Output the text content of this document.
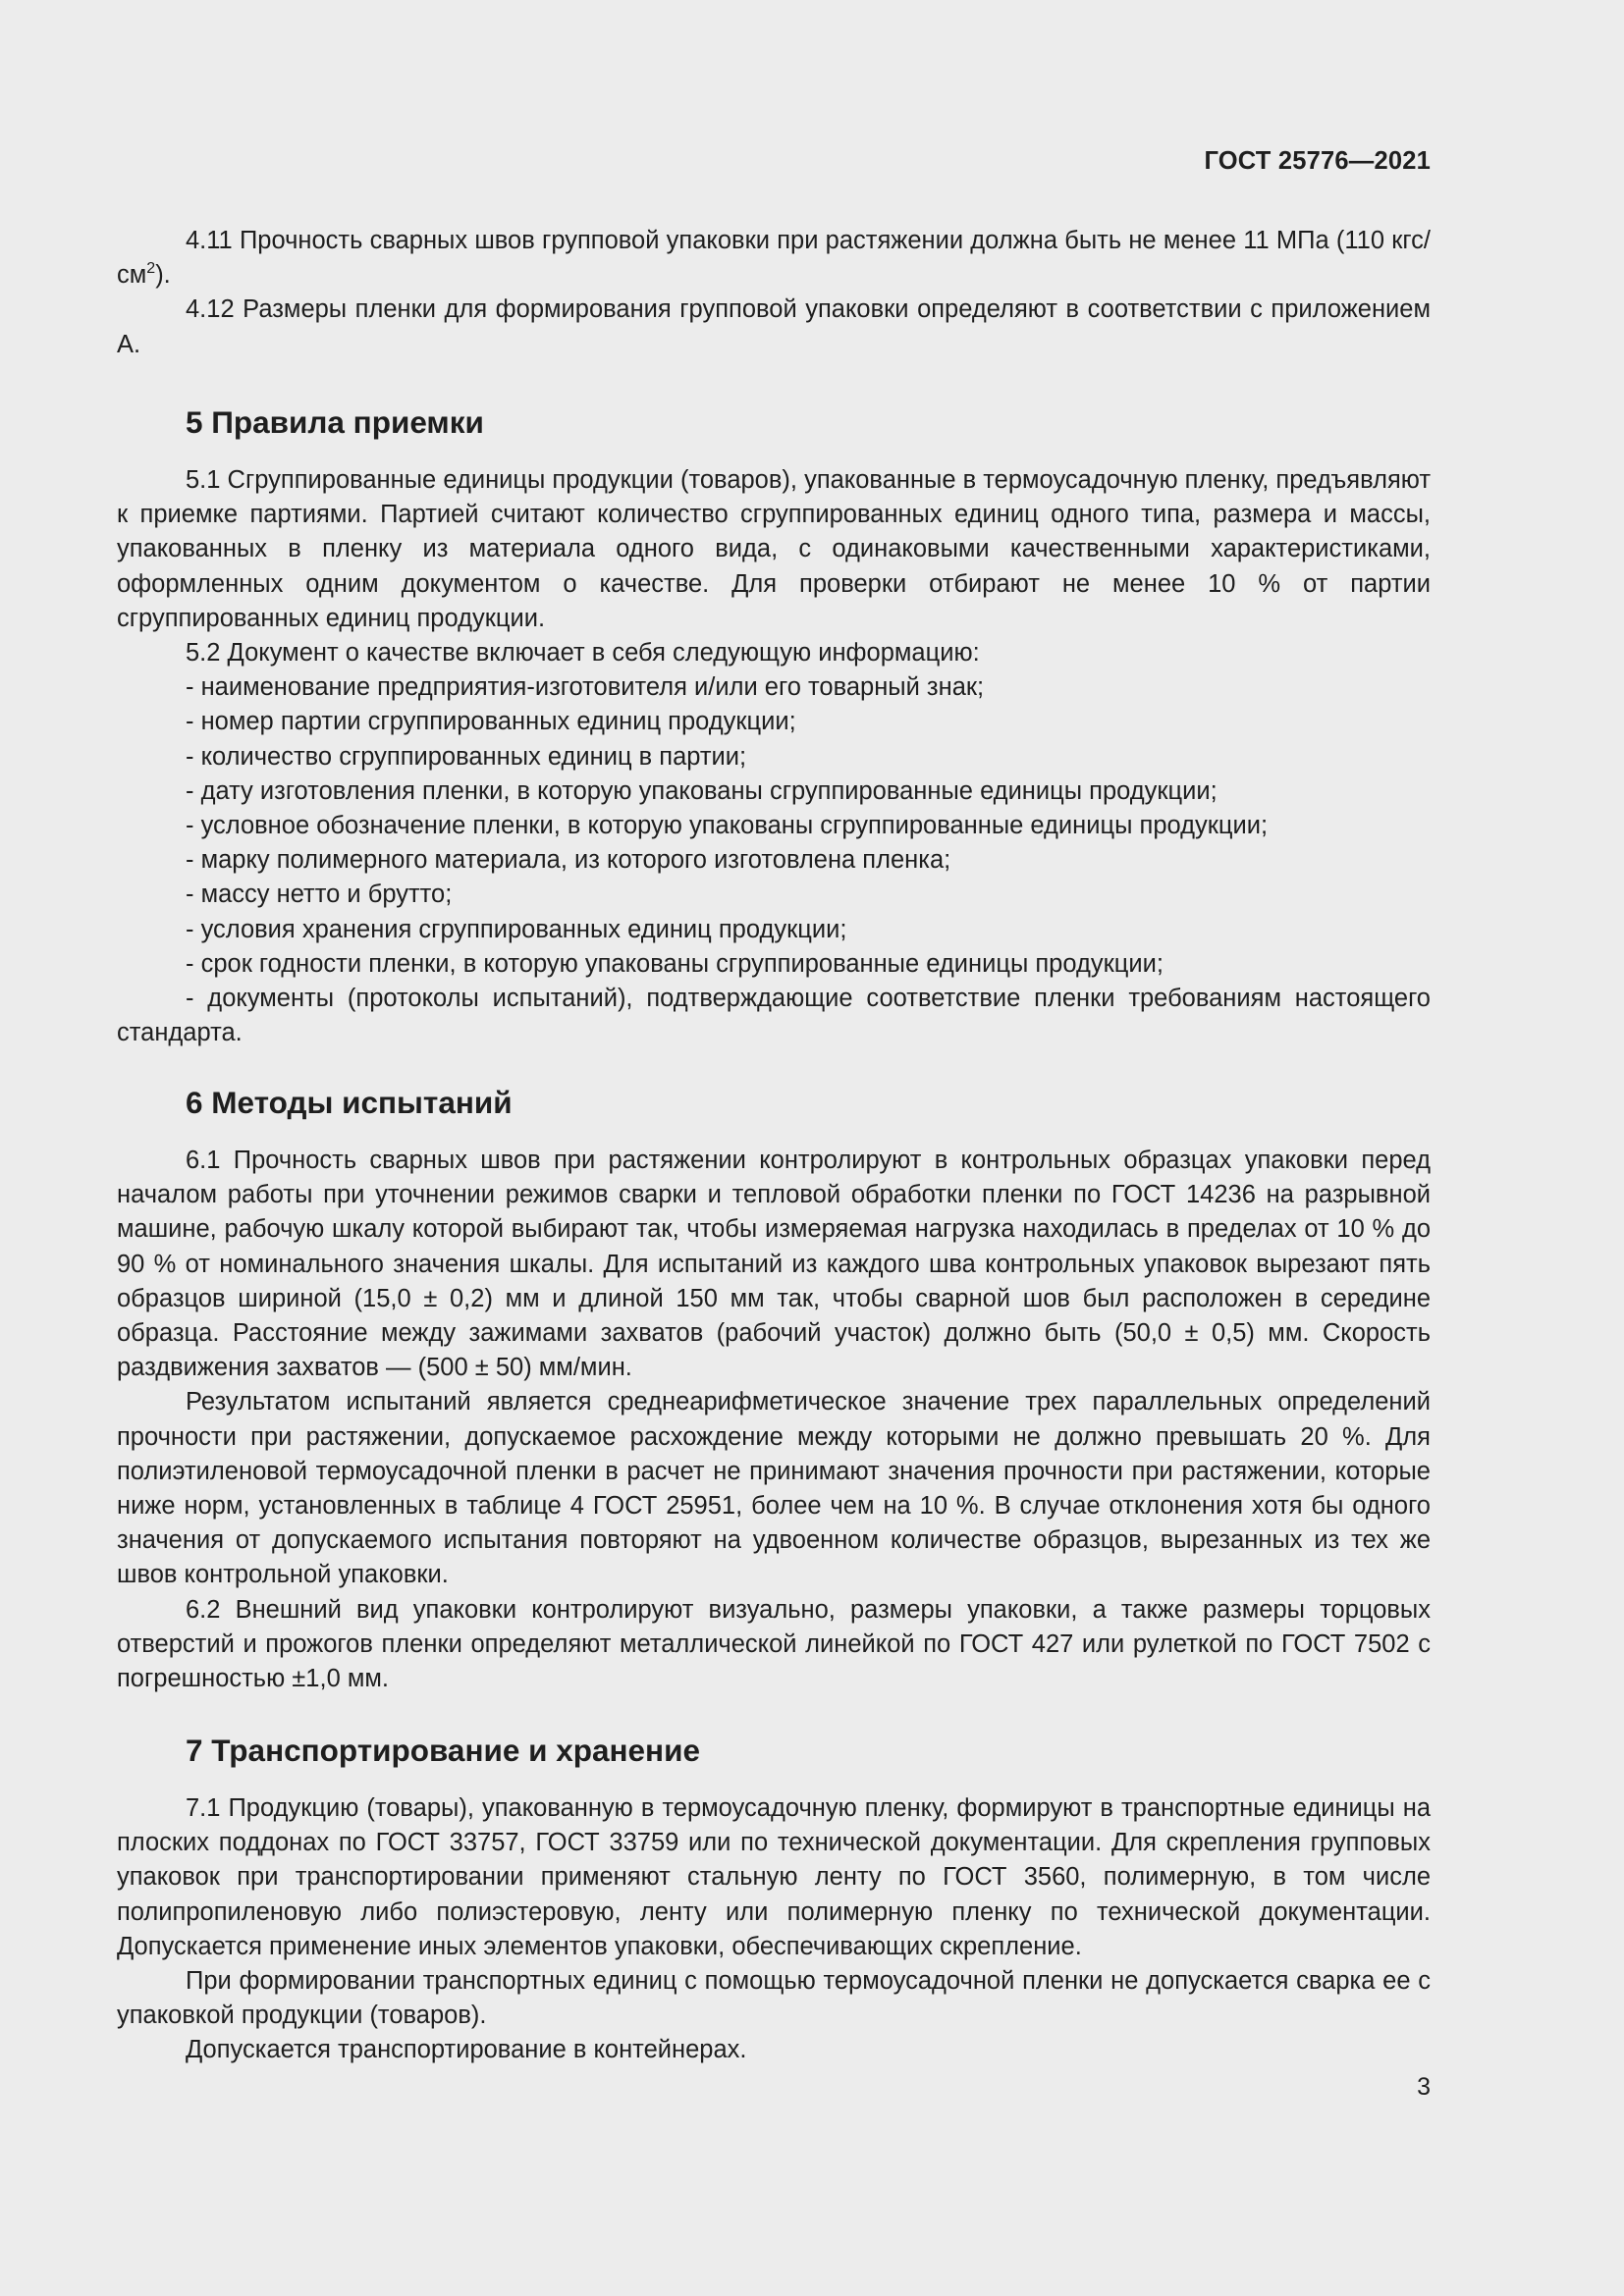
ГОСТ 25776—2021

4.11 Прочность сварных швов групповой упаковки при растяжении должна быть не менее 11 МПа (110 кгс/$см^2$).

4.12 Размеры пленки для формирования групповой упаковки определяют в соответствии с приложением А.

5 Правила приемки

5.1 Сгруппированные единицы продукции (товаров), упакованные в термоусадочную пленку, предъявляют к приемке партиями. Партией считают количество сгруппированных единиц одного типа, размера и массы, упакованных в пленку из материала одного вида, с одинаковыми качественными характеристиками, оформленных одним документом о качестве. Для проверки отбирают не менее 10 % от партии сгруппированных единиц продукции.

5.2 Документ о качестве включает в себя следующую информацию:

- наименование предприятия-изготовителя и/или его товарный знак;

- номер партии сгруппированных единиц продукции;

- количество сгруппированных единиц в партии;

- дату изготовления пленки, в которую упакованы сгруппированные единицы продукции;

- условное обозначение пленки, в которую упакованы сгруппированные единицы продукции;

- марку полимерного материала, из которого изготовлена пленка;

- массу нетто и брутто;

- условия хранения сгруппированных единиц продукции;

- срок годности пленки, в которую упакованы сгруппированные единицы продукции;

- документы (протоколы испытаний), подтверждающие соответствие пленки требованиям настоящего стандарта.

6 Методы испытаний

6.1 Прочность сварных швов при растяжении контролируют в контрольных образцах упаковки перед началом работы при уточнении режимов сварки и тепловой обработки пленки по ГОСТ 14236 на разрывной машине, рабочую шкалу которой выбирают так, чтобы измеряемая нагрузка находилась в пределах от 10 % до 90 % от номинального значения шкалы. Для испытаний из каждого шва контрольных упаковок вырезают пять образцов шириной (15,0 ± 0,2) мм и длиной 150 мм так, чтобы сварной шов был расположен в середине образца. Расстояние между зажимами захватов (рабочий участок) должно быть (50,0 ± 0,5) мм. Скорость раздвижения захватов — (500 ± 50) мм/мин.

Результатом испытаний является среднеарифметическое значение трех параллельных определений прочности при растяжении, допускаемое расхождение между которыми не должно превышать 20 %. Для полиэтиленовой термоусадочной пленки в расчет не принимают значения прочности при растяжении, которые ниже норм, установленных в таблице 4 ГОСТ 25951, более чем на 10 %. В случае отклонения хотя бы одного значения от допускаемого испытания повторяют на удвоенном количестве образцов, вырезанных из тех же швов контрольной упаковки.

6.2 Внешний вид упаковки контролируют визуально, размеры упаковки, а также размеры торцовых отверстий и прожогов пленки определяют металлической линейкой по ГОСТ 427 или рулеткой по ГОСТ 7502 с погрешностью ±1,0 мм.

7 Транспортирование и хранение

7.1 Продукцию (товары), упакованную в термоусадочную пленку, формируют в транспортные единицы на плоских поддонах по ГОСТ 33757, ГОСТ 33759 или по технической документации. Для скрепления групповых упаковок при транспортировании применяют стальную ленту по ГОСТ 3560, полимерную, в том числе полипропиленовую либо полиэстеровую, ленту или полимерную пленку по технической документации. Допускается применение иных элементов упаковки, обеспечивающих скрепление.

При формировании транспортных единиц с помощью термоусадочной пленки не допускается сварка ее с упаковкой продукции (товаров).

Допускается транспортирование в контейнерах.

3
